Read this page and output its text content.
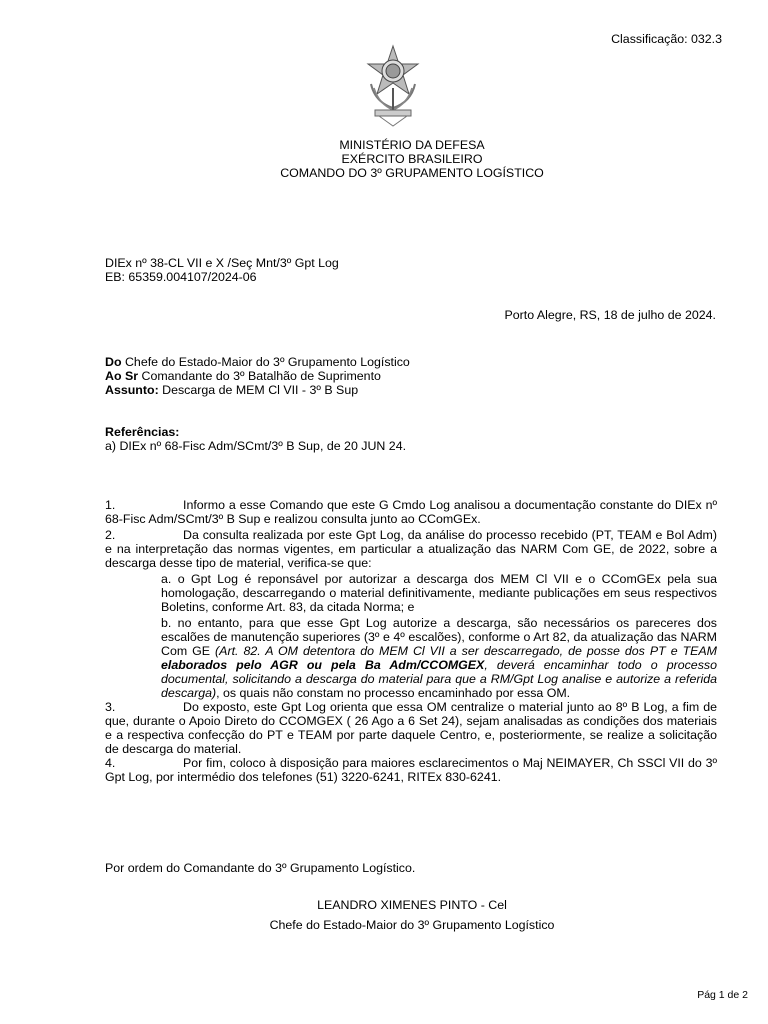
Classificação: 032.3
MINISTÉRIO DA DEFESA
EXÉRCITO BRASILEIRO
COMANDO DO 3º GRUPAMENTO LOGÍSTICO
DIEx nº 38-CL VII e X /Seç Mnt/3º Gpt Log
EB: 65359.004107/2024-06
Porto Alegre, RS, 18 de julho de 2024.
Do Chefe do Estado-Maior do 3º Grupamento Logístico
Ao Sr Comandante do 3º Batalhão de Suprimento
Assunto: Descarga de MEM Cl VII - 3º B Sup
Referências:
a) DIEx nº 68-Fisc Adm/SCmt/3º B Sup, de 20 JUN 24.

1.	Informo a esse Comando que este G Cmdo Log analisou a documentação constante do DIEx nº 68-Fisc Adm/SCmt/3º B Sup e realizou consulta junto ao CComGEx.

2.	Da consulta realizada por este Gpt Log, da análise do processo recebido (PT, TEAM e Bol Adm) e na interpretação das normas vigentes, em particular a atualização das NARM Com GE, de 2022, sobre a descarga desse tipo de material, verifica-se que:

a. o Gpt Log é reponsável por autorizar a descarga dos MEM Cl VII e o CComGEx pela sua homologação, descarregando o material definitivamente, mediante publicações em seus respectivos Boletins, conforme Art. 83, da citada Norma; e

b. no entanto, para que esse Gpt Log autorize a descarga, são necessários os pareceres dos escalões de manutenção superiores (3º e 4º escalões), conforme o Art 82, da atualização das NARM Com GE (Art. 82. A OM detentora do MEM Cl VII a ser descarregado, de posse dos PT e TEAM elaborados pelo AGR ou pela Ba Adm/CCOMGEX, deverá encaminhar todo o processo documental, solicitando a descarga do material para que a RM/Gpt Log analise e autorize a referida descarga), os quais não constam no processo encaminhado por essa OM.

3.	Do exposto, este Gpt Log orienta que essa OM centralize o material junto ao 8º B Log, a fim de que, durante o Apoio Direto do CCOMGEX ( 26 Ago a 6 Set 24), sejam analisadas as condições dos materiais e a respectiva confecção do PT e TEAM por parte daquele Centro, e, posteriormente, se realize a solicitação de descarga do material.

4.	Por fim, coloco à disposição para maiores esclarecimentos o Maj NEIMAYER, Ch SSCl VII do 3º Gpt Log, por intermédio dos telefones (51) 3220-6241, RITEx 830-6241.

Por ordem do Comandante do 3º Grupamento Logístico.
LEANDRO XIMENES PINTO - Cel
Chefe do Estado-Maior do 3º Grupamento Logístico
Pág 1 de 2
